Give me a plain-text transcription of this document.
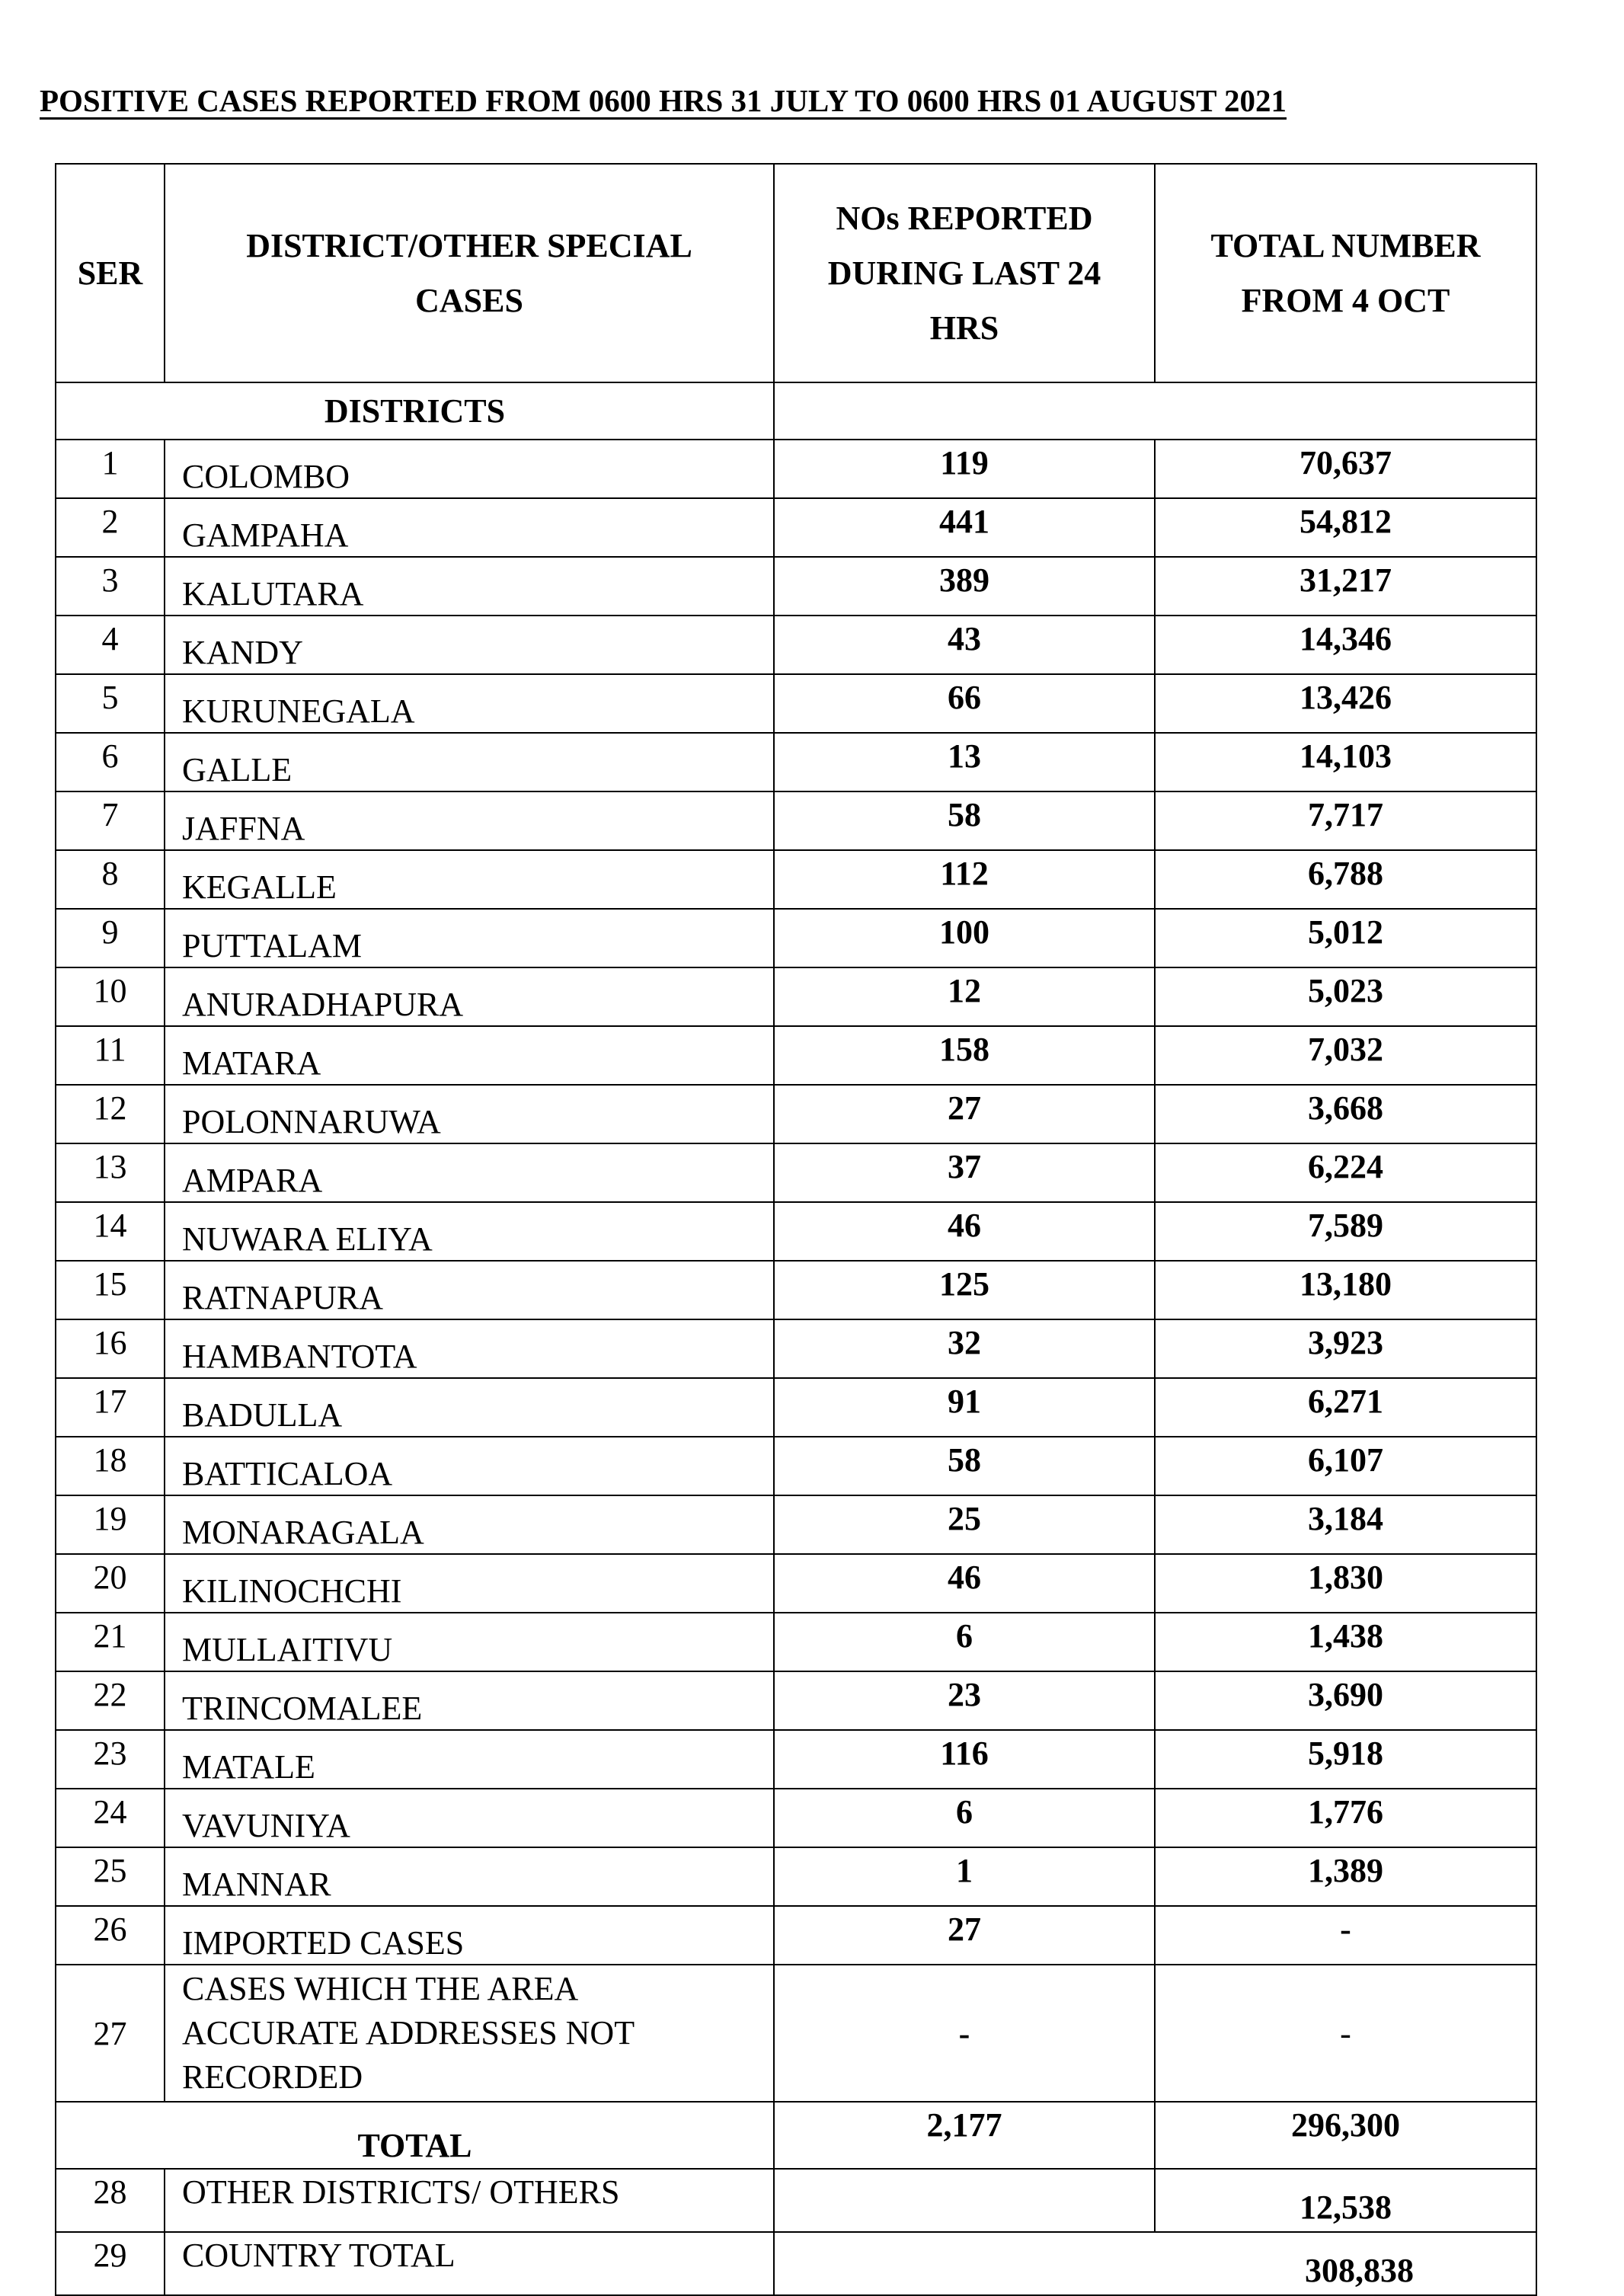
POSITIVE CASES REPORTED FROM 0600 HRS 31 JULY TO 0600 HRS 01 AUGUST 2021
SER	DISTRICT/OTHER SPECIAL CASES	NOs REPORTED DURING LAST 24 HRS	TOTAL NUMBER FROM 4 OCT
DISTRICTS			
1	COLOMBO	119	70,637
2	GAMPAHA	441	54,812
3	KALUTARA	389	31,217
4	KANDY	43	14,346
5	KURUNEGALA	66	13,426
6	GALLE	13	14,103
7	JAFFNA	58	7,717
8	KEGALLE	112	6,788
9	PUTTALAM	100	5,012
10	ANURADHAPURA	12	5,023
11	MATARA	158	7,032
12	POLONNARUWA	27	3,668
13	AMPARA	37	6,224
14	NUWARA ELIYA	46	7,589
15	RATNAPURA	125	13,180
16	HAMBANTOTA	32	3,923
17	BADULLA	91	6,271
18	BATTICALOA	58	6,107
19	MONARAGALA	25	3,184
20	KILINOCHCHI	46	1,830
21	MULLAITIVU	6	1,438
22	TRINCOMALEE	23	3,690
23	MATALE	116	5,918
24	VAVUNIYA	6	1,776
25	MANNAR	1	1,389
26	IMPORTED CASES	27	-
27	CASES WHICH THE AREA
ACCURATE ADDRESSES NOT
RECORDED	-	-
TOTAL		2,177	296,300
28	OTHER DISTRICTS/ OTHERS		12,538
29	COUNTRY TOTAL	308,838	
